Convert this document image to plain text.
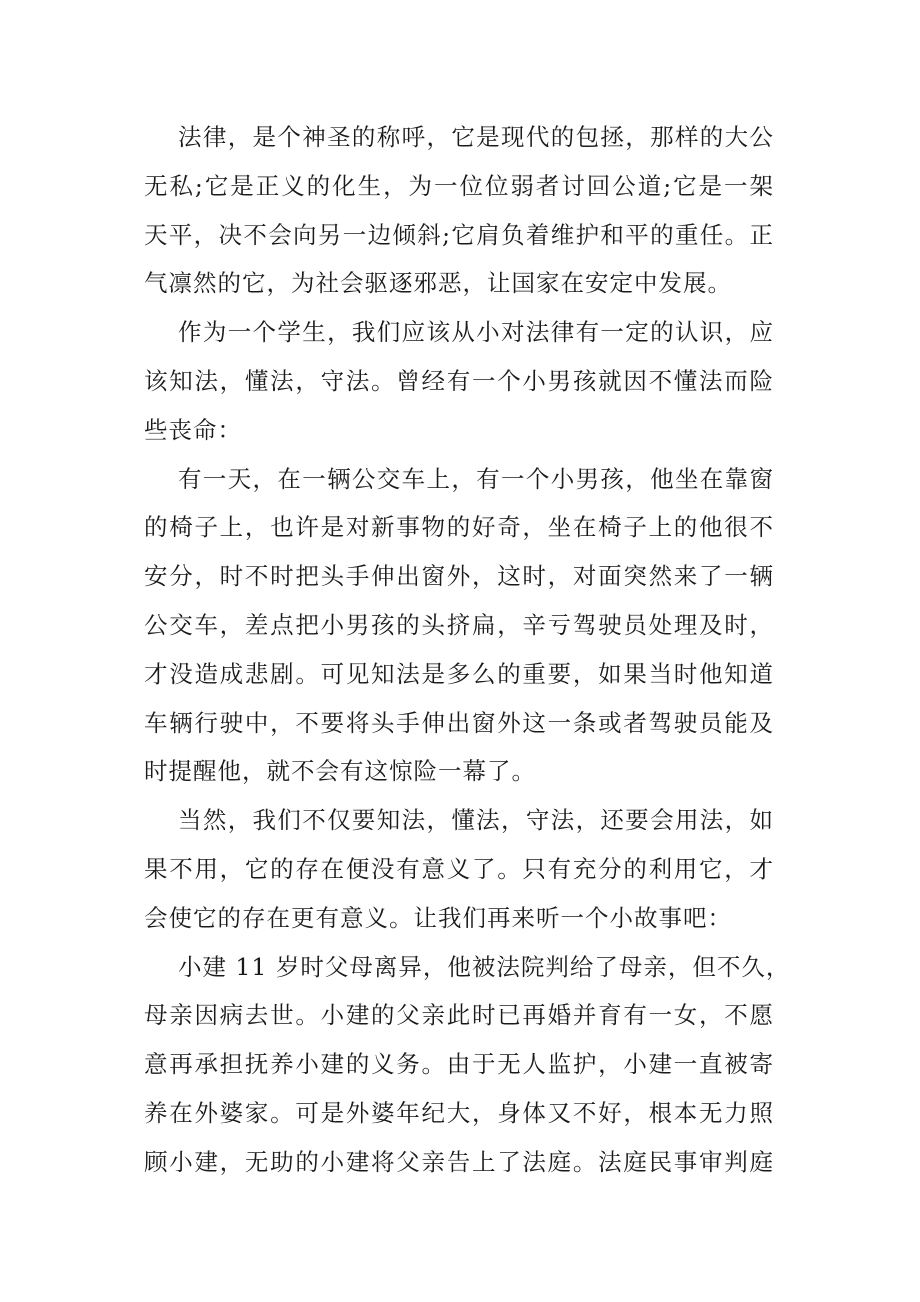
法律，是个神圣的称呼，它是现代的包拯，那样的大公
无私;它是正义的化生，为一位位弱者讨回公道;它是一架
天平，决不会向另一边倾斜;它肩负着维护和平的重任。正
气凛然的它，为社会驱逐邪恶，让国家在安定中发展。
作为一个学生，我们应该从小对法律有一定的认识，应
该知法，懂法，守法。曾经有一个小男孩就因不懂法而险
些丧命：
有一天，在一辆公交车上，有一个小男孩，他坐在靠窗
的椅子上，也许是对新事物的好奇，坐在椅子上的他很不
安分，时不时把头手伸出窗外，这时，对面突然来了一辆
公交车，差点把小男孩的头挤扁，辛亏驾驶员处理及时，
才没造成悲剧。可见知法是多么的重要，如果当时他知道
车辆行驶中，不要将头手伸出窗外这一条或者驾驶员能及
时提醒他，就不会有这惊险一幕了。
当然，我们不仅要知法，懂法，守法，还要会用法，如
果不用，它的存在便没有意义了。只有充分的利用它，才
会使它的存在更有意义。让我们再来听一个小故事吧：
小建 11 岁时父母离异，他被法院判给了母亲，但不久，
母亲因病去世。小建的父亲此时已再婚并育有一女，不愿
意再承担抚养小建的义务。由于无人监护，小建一直被寄
养在外婆家。可是外婆年纪大，身体又不好，根本无力照
顾小建，无助的小建将父亲告上了法庭。法庭民事审判庭
